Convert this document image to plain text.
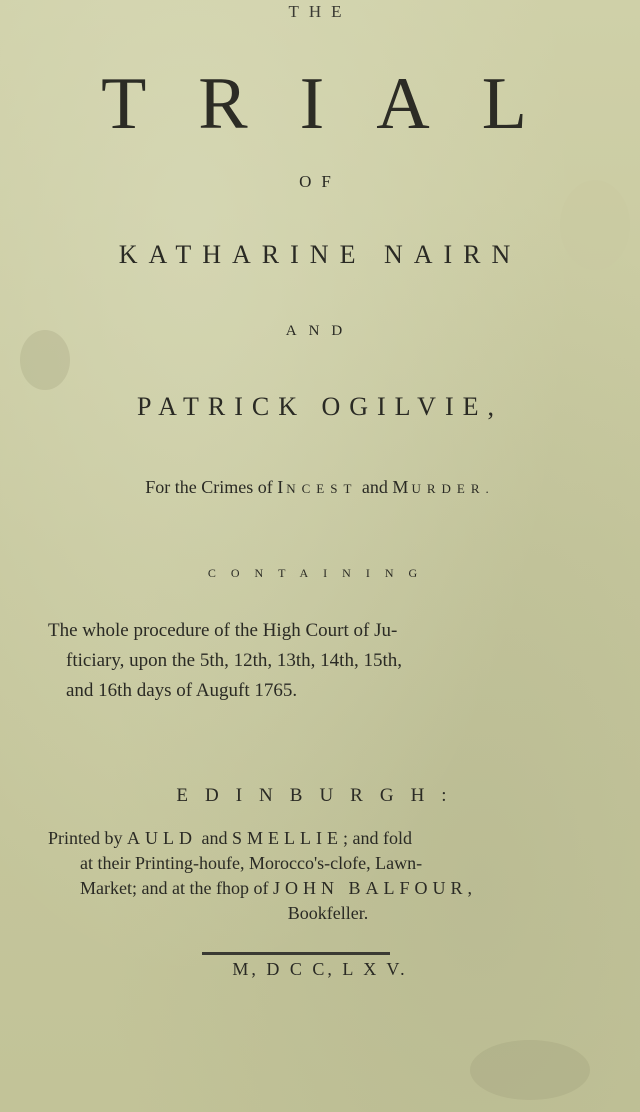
THE
TRIAL
OF
KATHARINE NAIRN
AND
PATRICK OGILVIE,
For the Crimes of INCEST and MURDER.
CONTAINING
The whole procedure of the High Court of Ju-
fticiary, upon the 5th, 12th, 13th, 14th, 15th,
and 16th days of Auguft 1765.
EDINBURGH:
Printed by AULD and SMELLIE; and fold
at their Printing-houfe, Morocco's-clofe, Lawn-
Market; and at the fhop of JOHN BALFOUR,
Bookfeller.
M, D C C, L X V.
